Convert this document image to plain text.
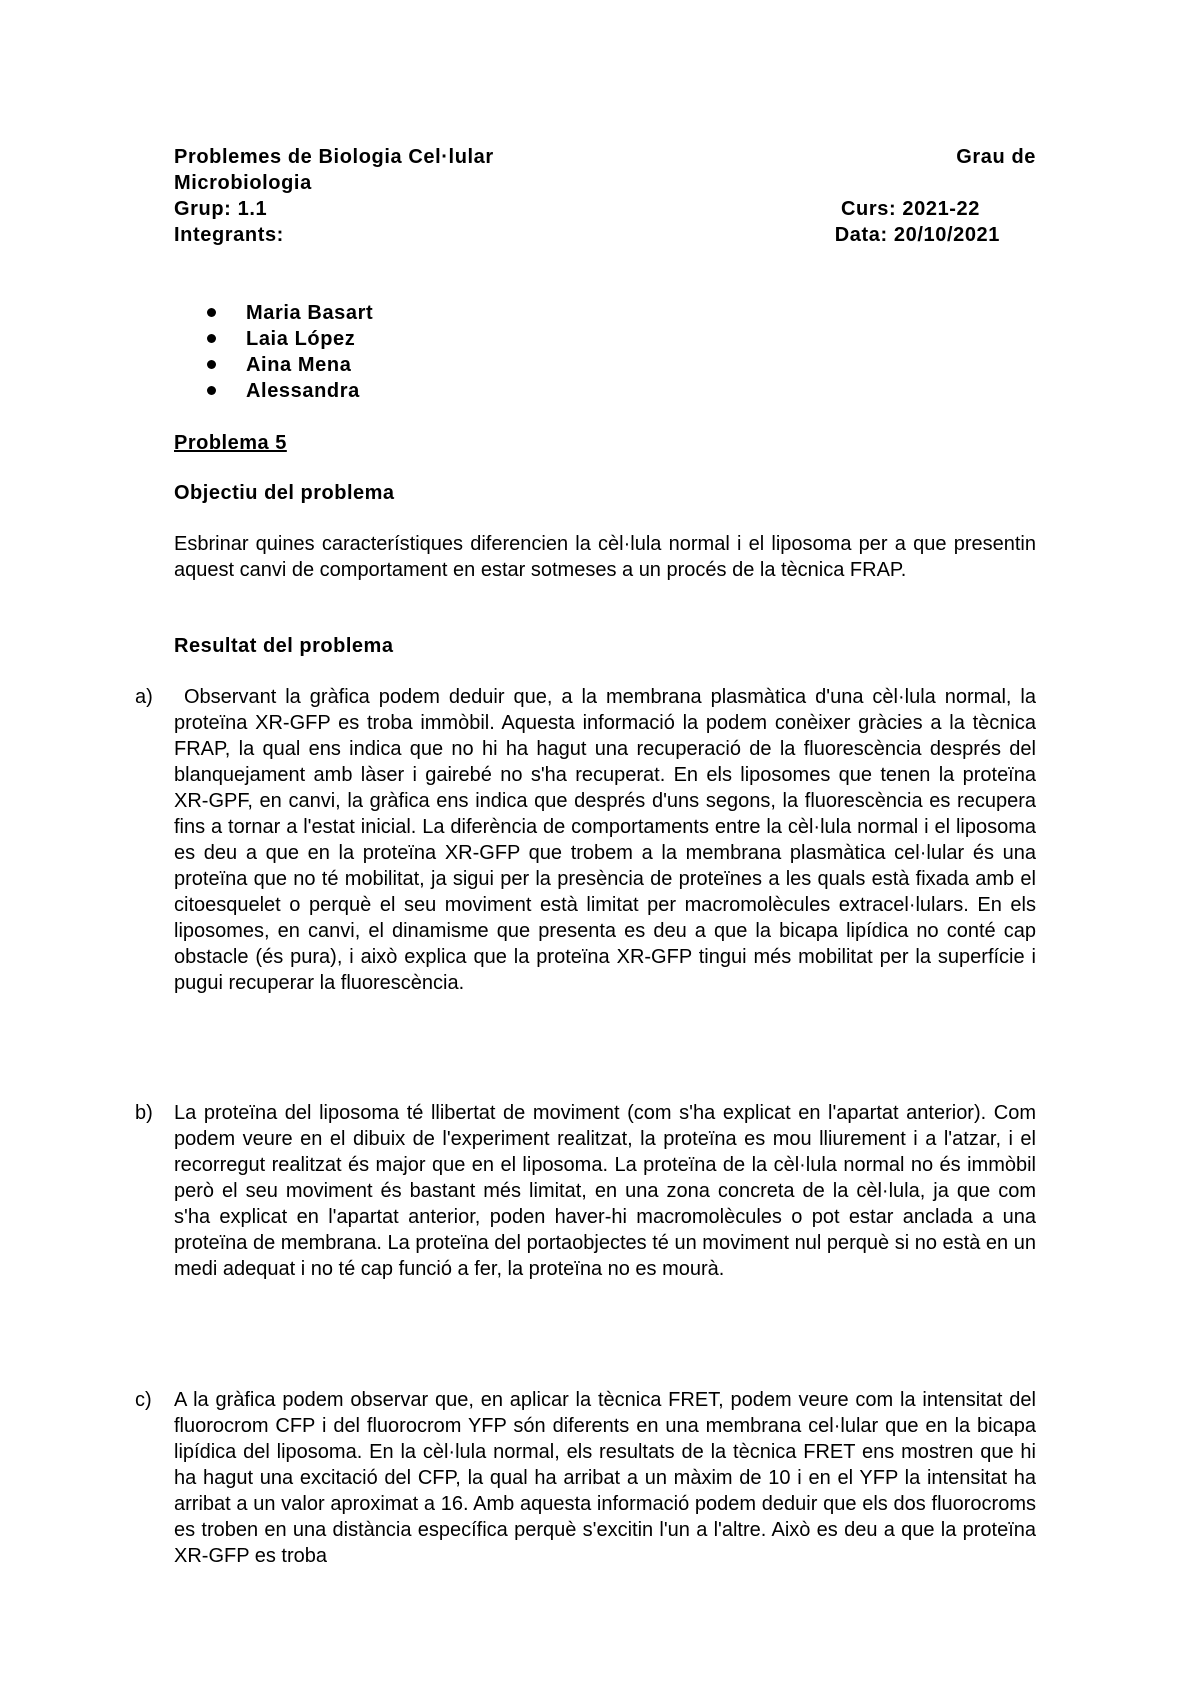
Problemes de Biologia Cel·lular	Grau de
Microbiologia
Grup: 1.1	Curs: 2021-22
Integrants:	Data: 20/10/2021
Maria Basart
Laia López
Aina Mena
Alessandra
Problema 5
Objectiu del problema

Esbrinar quines característiques diferencien la cèl·lula normal i el liposoma per a que presentin aquest canvi de comportament en estar sotmeses a un procés de la tècnica FRAP.

Resultat del problema
a)	Observant la gràfica podem deduir que, a la membrana plasmàtica d'una cèl·lula normal, la proteïna XR-GFP es troba immòbil. Aquesta informació la podem conèixer gràcies a la tècnica FRAP, la qual ens indica que no hi ha hagut una recuperació de la fluorescència després del blanquejament amb làser i gairebé no s'ha recuperat. En els liposomes que tenen la proteïna XR-GPF, en canvi, la gràfica ens indica que després d'uns segons, la fluorescència es recupera fins a tornar a l'estat inicial. La diferència de comportaments entre la cèl·lula normal i el liposoma es deu a que en la proteïna XR-GFP que trobem a la membrana plasmàtica cel·lular és una proteïna que no té mobilitat, ja sigui per la presència de proteïnes a les quals està fixada amb el citoesquelet o perquè el seu moviment està limitat per macromolècules extracel·lulars. En els liposomes, en canvi, el dinamisme que presenta es deu a que la bicapa lipídica no conté cap obstacle (és pura), i això explica que la proteïna XR-GFP tingui més mobilitat per la superfície i pugui recuperar la fluorescència.

b) La proteïna del liposoma té llibertat de moviment (com s'ha explicat en l'apartat anterior). Com podem veure en el dibuix de l'experiment realitzat, la proteïna es mou lliurement i a l'atzar, i el recorregut realitzat és major que en el liposoma. La proteïna de la cèl·lula normal no és immòbil però el seu moviment és bastant més limitat, en una zona concreta de la cèl·lula, ja que com s'ha explicat en l'apartat anterior, poden haver-hi macromolècules o pot estar anclada a una proteïna de membrana. La proteïna del portaobjectes té un moviment nul perquè si no està en un medi adequat i no té cap funció a fer, la proteïna no es mourà.

c) A la gràfica podem observar que, en aplicar la tècnica FRET, podem veure com la intensitat del fluorocrom CFP i del fluorocrom YFP són diferents en una membrana cel·lular que en la bicapa lipídica del liposoma. En la cèl·lula normal, els resultats de la tècnica FRET ens mostren que hi ha hagut una excitació del CFP, la qual ha arribat a un màxim de 10 i en el YFP la intensitat ha arribat a un valor aproximat a 16. Amb aquesta informació podem deduir que els dos fluorocroms es troben en una distància específica perquè s'excitin l'un a l'altre. Això es deu a que la proteïna XR-GFP es troba
